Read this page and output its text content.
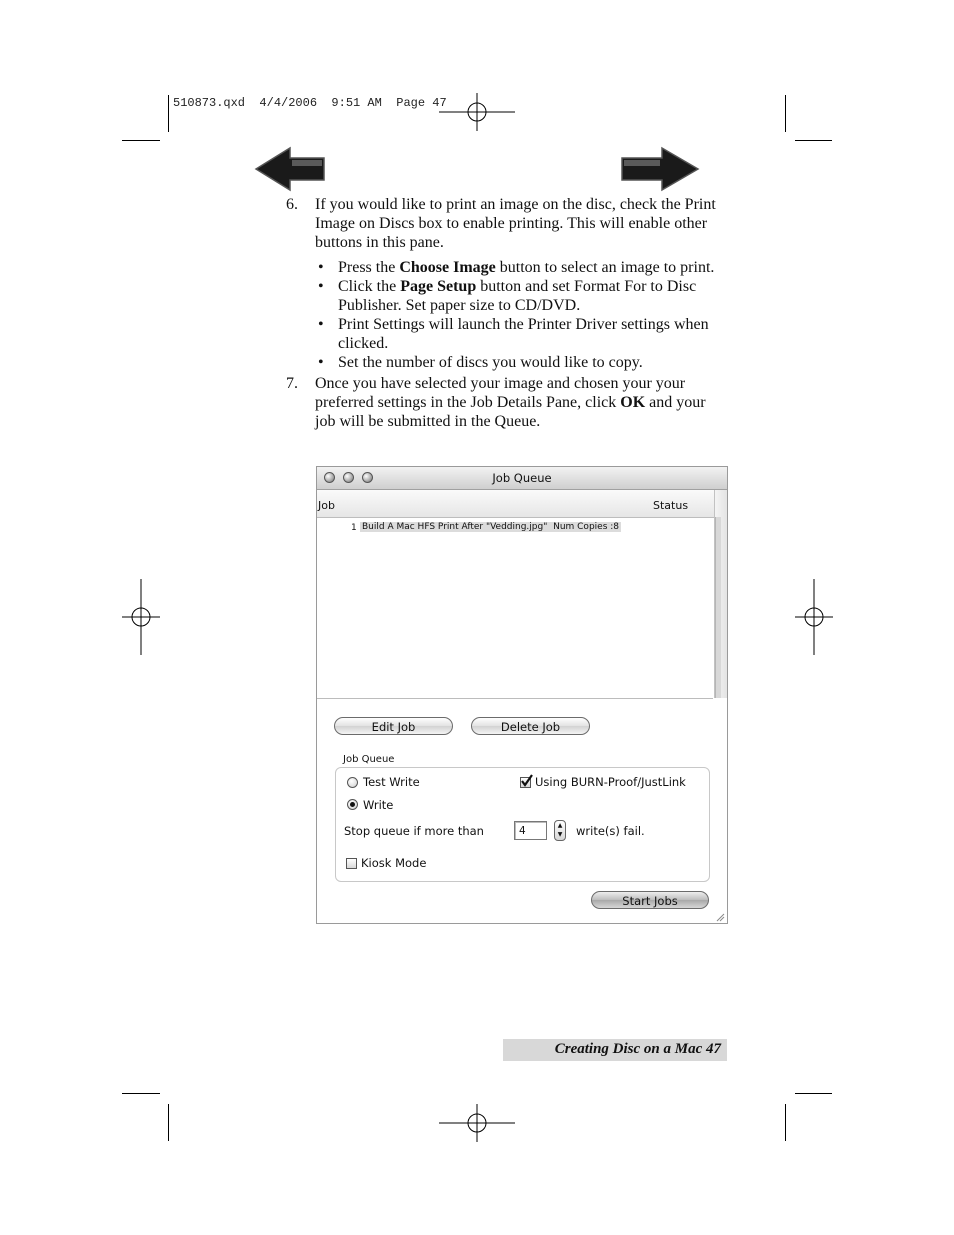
510873.qxd  4/4/2006  9:51 AM  Page 47
6. If you would like to print an image on the disc, check the Print Image on Discs box to enable printing. This will enable other buttons in this pane.
• Press the Choose Image button to select an image to print.
• Click the Page Setup button and set Format For to Disc Publisher. Set paper size to CD/DVD.
• Print Settings will launch the Printer Driver settings when clicked.
• Set the number of discs you would like to copy.
7. Once you have selected your image and chosen your your preferred settings in the Job Details Pane, click OK and your job will be submitted in the Queue.
Job Queue
Job	Status
1 Build A Mac HFS Print After "Vedding.jpg"  Num Copies :8
Edit Job	Delete Job
Job Queue
Test Write
Write
Using BURN-Proof/JustLink
Stop queue if more than	4	▲
▼ write(s) fail.
Kiosk Mode
Start Jobs
Creating Disc on a Mac 47
